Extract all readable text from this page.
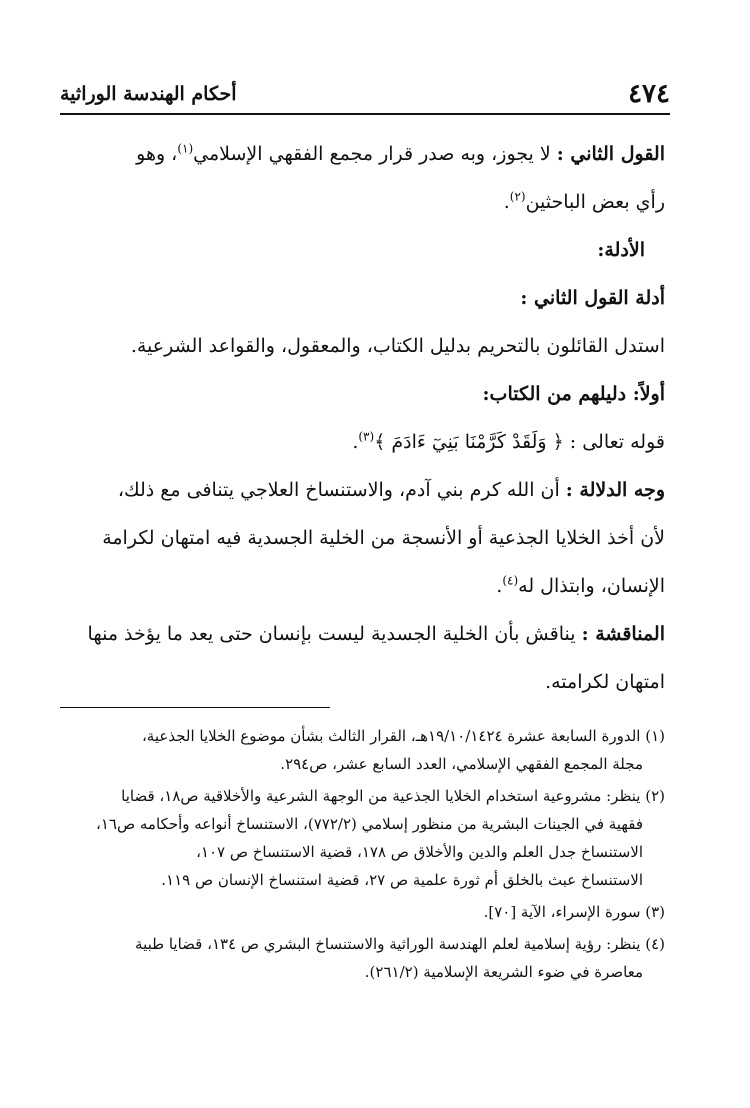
٤٧٤
أحكام الهندسة الوراثية

القول الثاني : لا يجوز، وبه صدر قرار مجمع الفقهي الإسلامي$^{(١)}$، وهو
رأي بعض الباحثين$^{(٢)}$.

الأدلة:

أدلة القول الثاني :

استدل القائلون بالتحريم بدليل الكتاب، والمعقول، والقواعد الشرعية.

أولاً: دليلهم من الكتاب:

قوله تعالى : ﴿ وَلَقَدْ كَرَّمْنَا بَنِيٓ ءَادَمَ ﴾$^{(٣)}$.

وجه الدلالة : أن الله كرم بني آدم، والاستنساخ العلاجي يتنافى مع ذلك،
لأن أخذ الخلايا الجذعية أو الأنسجة من الخلية الجسدية فيه امتهان لكرامة
الإنسان، وابتذال له$^{(٤)}$.

المناقشة : يناقش بأن الخلية الجسدية ليست بإنسان حتى يعد ما يؤخذ منها
امتهان لكرامته.

(١) الدورة السابعة عشرة ١٩/١٠/١٤٢٤هـ، القرار الثالث بشأن موضوع الخلايا الجذعية،
مجلة المجمع الفقهي الإسلامي، العدد السابع عشر، ص٢٩٤.
(٢) ينظر: مشروعية استخدام الخلايا الجذعية من الوجهة الشرعية والأخلاقية ص١٨، قضايا
فقهية في الجينات البشرية من منظور إسلامي (٧٧٢/٢)، الاستنساخ أنواعه وأحكامه ص١٦،
الاستنساخ جدل العلم والدين والأخلاق ص ١٧٨، قضية الاستنساخ ص ١٠٧،
الاستنساخ عبث بالخلق أم ثورة علمية ص ٢٧، قضية استنساخ الإنسان ص ١١٩.
(٣) سورة الإسراء، الآية [٧٠].
(٤) ينظر: رؤية إسلامية لعلم الهندسة الوراثية والاستنساخ البشري ص ١٣٤، قضايا طبية
معاصرة في ضوء الشريعة الإسلامية (٢٦١/٢).
